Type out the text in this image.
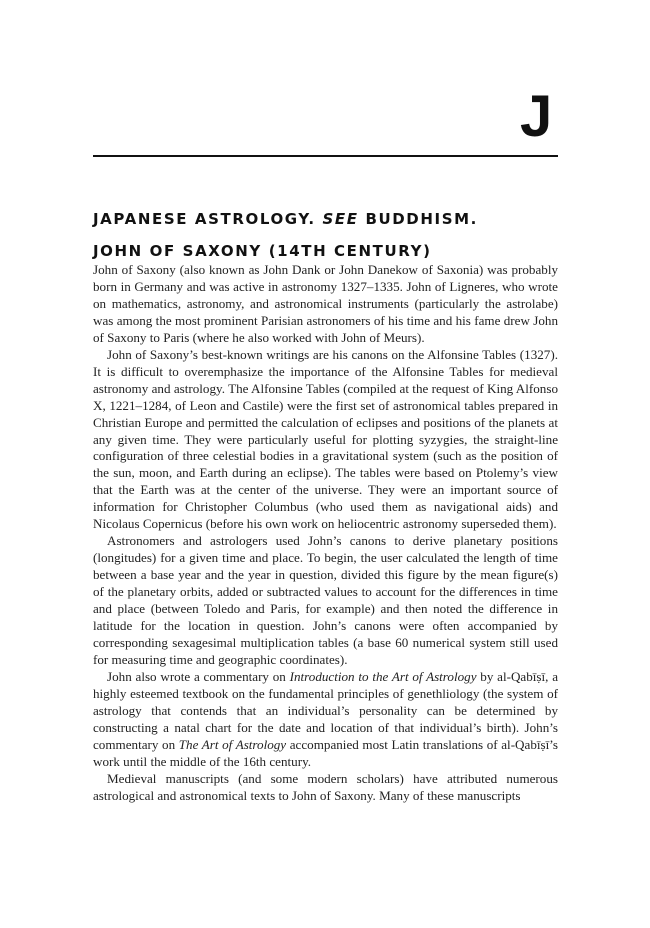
J
JAPANESE ASTROLOGY. SEE BUDDHISM.
JOHN OF SAXONY (14TH CENTURY)

John of Saxony (also known as John Dank or John Danekow of Saxonia) was probably born in Germany and was active in astronomy 1327–1335. John of Ligneres, who wrote on mathematics, astronomy, and astronomical instruments (particularly the astrolabe) was among the most prominent Parisian astronomers of his time and his fame drew John of Saxony to Paris (where he also worked with John of Meurs).

John of Saxony’s best-known writings are his canons on the Alfonsine Tables (1327). It is difficult to overemphasize the importance of the Alfonsine Tables for medieval astronomy and astrology. The Alfonsine Tables (compiled at the request of King Alfonso X, 1221–1284, of Leon and Castile) were the first set of astronomical tables prepared in Christian Europe and permitted the calculation of eclipses and positions of the planets at any given time. They were particularly useful for plotting syzygies, the straight-line configuration of three celestial bodies in a gravitational system (such as the position of the sun, moon, and Earth during an eclipse). The tables were based on Ptolemy’s view that the Earth was at the center of the universe. They were an important source of information for Christopher Columbus (who used them as navigational aids) and Nicolaus Copernicus (before his own work on heliocentric astronomy superseded them).

Astronomers and astrologers used John’s canons to derive planetary positions (longitudes) for a given time and place. To begin, the user calculated the length of time between a base year and the year in question, divided this figure by the mean figure(s) of the planetary orbits, added or subtracted values to account for the differences in time and place (between Toledo and Paris, for example) and then noted the difference in latitude for the location in question. John’s canons were often accompanied by corresponding sexagesimal multiplication tables (a base 60 numerical system still used for measuring time and geographic coordinates).

John also wrote a commentary on Introduction to the Art of Astrology by al-Qabīṣī, a highly esteemed textbook on the fundamental principles of genethliology (the system of astrology that contends that an individual’s personality can be determined by constructing a natal chart for the date and location of that individual’s birth). John’s commentary on The Art of Astrology accompanied most Latin translations of al-Qabīṣī’s work until the middle of the 16th century.

Medieval manuscripts (and some modern scholars) have attributed numerous astrological and astronomical texts to John of Saxony. Many of these manuscripts
